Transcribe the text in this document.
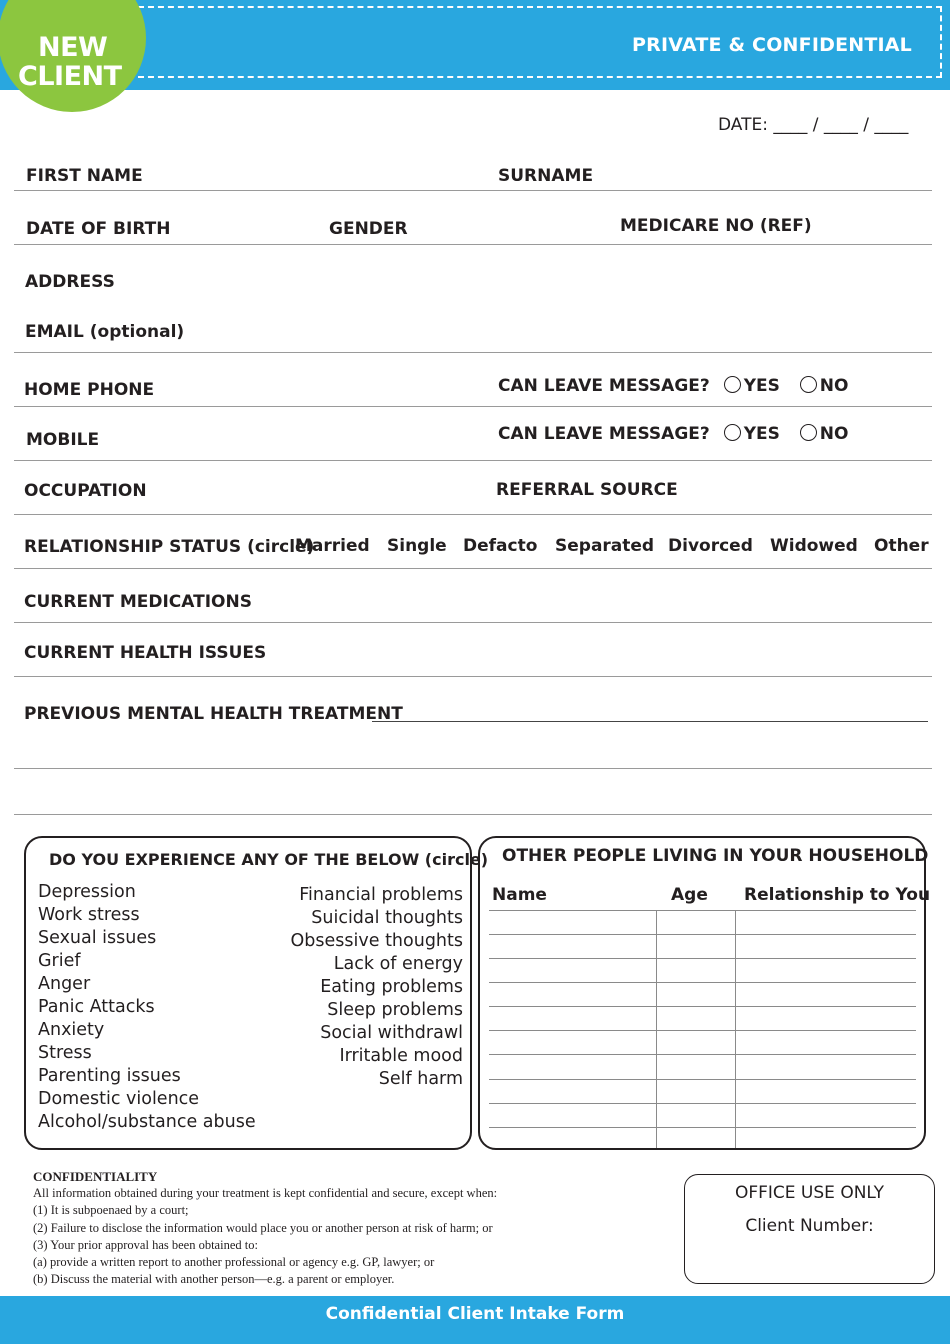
PRIVATE & CONFIDENTIAL
NEW
CLIENT
DATE: ____ / ____ / ____
FIRST NAME	SURNAME
DATE OF BIRTH	GENDER	MEDICARE NO (REF)
ADDRESS
EMAIL (optional)
HOME PHONE	CAN LEAVE MESSAGE? YES NO
MOBILE	CAN LEAVE MESSAGE? YES NO
OCCUPATION	REFERRAL SOURCE
RELATIONSHIP STATUS (circle)
Married Single Defacto Separated Divorced Widowed Other
CURRENT MEDICATIONS
CURRENT HEALTH ISSUES
PREVIOUS MENTAL HEALTH TREATMENT
DO YOU EXPERIENCE ANY OF THE BELOW (circle)
Depression
Work stress
Sexual issues
Grief
Anger
Panic Attacks
Anxiety
Stress
Parenting issues
Domestic violence
Alcohol/substance abuse
Financial problems
Suicidal thoughts
Obsessive thoughts
Lack of energy
Eating problems
Sleep problems
Social withdrawl
Irritable mood
Self harm
OTHER PEOPLE LIVING IN YOUR HOUSEHOLD
Name	Age Relationship to You
CONFIDENTIALITY
All information obtained during your treatment is kept confidential and secure, except when:
(1) It is subpoenaed by a court;
(2) Failure to disclose the information would place you or another person at risk of harm; or
(3) Your prior approval has been obtained to:
(a) provide a written report to another professional or agency e.g. GP, lawyer; or
(b) Discuss the material with another person—e.g. a parent or employer.
OFFICE USE ONLY
Client Number:
Confidential Client Intake Form
